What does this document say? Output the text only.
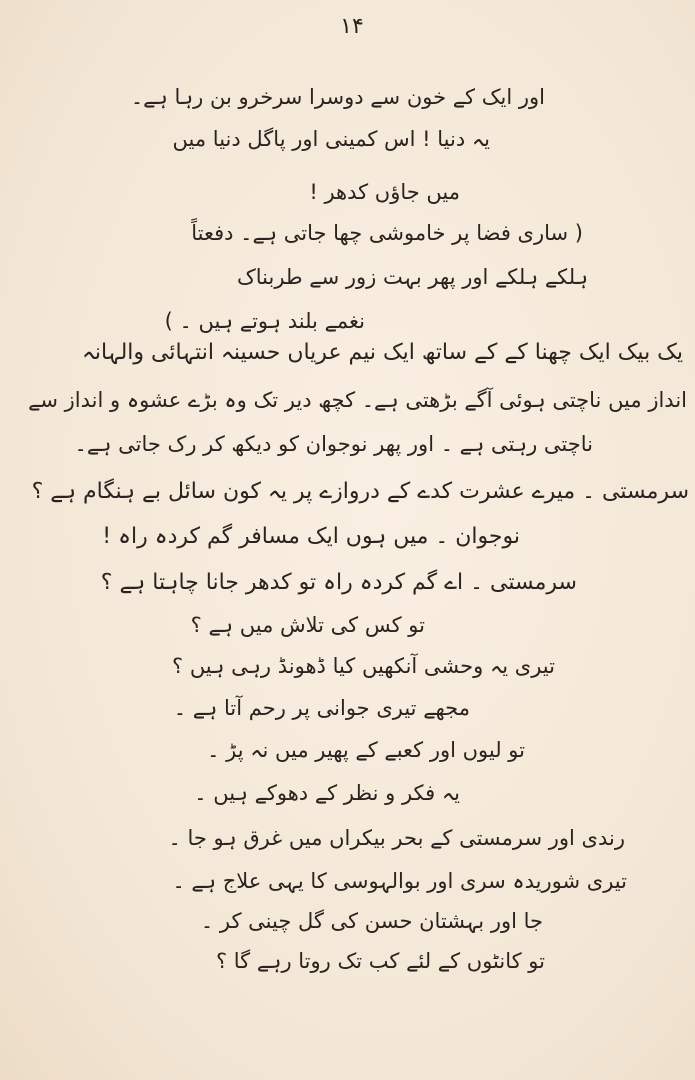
۱۴
اور ایک کے خون سے دوسرا سرخرو بن رہا ہے۔
یہ دنیا ! اس کمینی اور پاگل دنیا میں
میں جاؤں کدھر !
( ساری فضا پر خاموشی چھا جاتی ہے۔ دفعتاً
ہلکے ہلکے اور پھر بہت زور سے طربناک
نغمے بلند ہوتے ہیں ۔ )
یک بیک ایک چھنا کے کے ساتھ ایک نیم عریاں حسینہ انتہائی والہانہ
انداز میں ناچتی ہوئی آگے بڑھتی ہے۔ کچھ دیر تک وہ بڑے عشوہ و انداز سے
ناچتی رہتی ہے ۔ اور پھر نوجوان کو دیکھ کر رک جاتی ہے۔
سرمستی ۔ میرے عشرت کدے کے دروازے پر یہ کون سائل بے ہنگام ہے ؟
نوجوان ۔ میں ہوں ایک مسافر گم کردہ راہ !
سرمستی ۔ اے گم کردہ راہ تو کدھر جانا چاہتا ہے ؟
تو کس کی تلاش میں ہے ؟
تیری یہ وحشی آنکھیں کیا ڈھونڈ رہی ہیں ؟
مجھے تیری جوانی پر رحم آتا ہے ۔
تو لیوں اور کعبے کے پھیر میں نہ پڑ ۔
یہ فکر و نظر کے دھوکے ہیں ۔
رندی اور سرمستی کے بحر بیکراں میں غرق ہو جا ۔
تیری شوریدہ سری اور بوالہوسی کا یہی علاج ہے ۔
جا اور بہشتان حسن کی گل چینی کر ۔
تو کانٹوں کے لئے کب تک روتا رہے گا ؟
